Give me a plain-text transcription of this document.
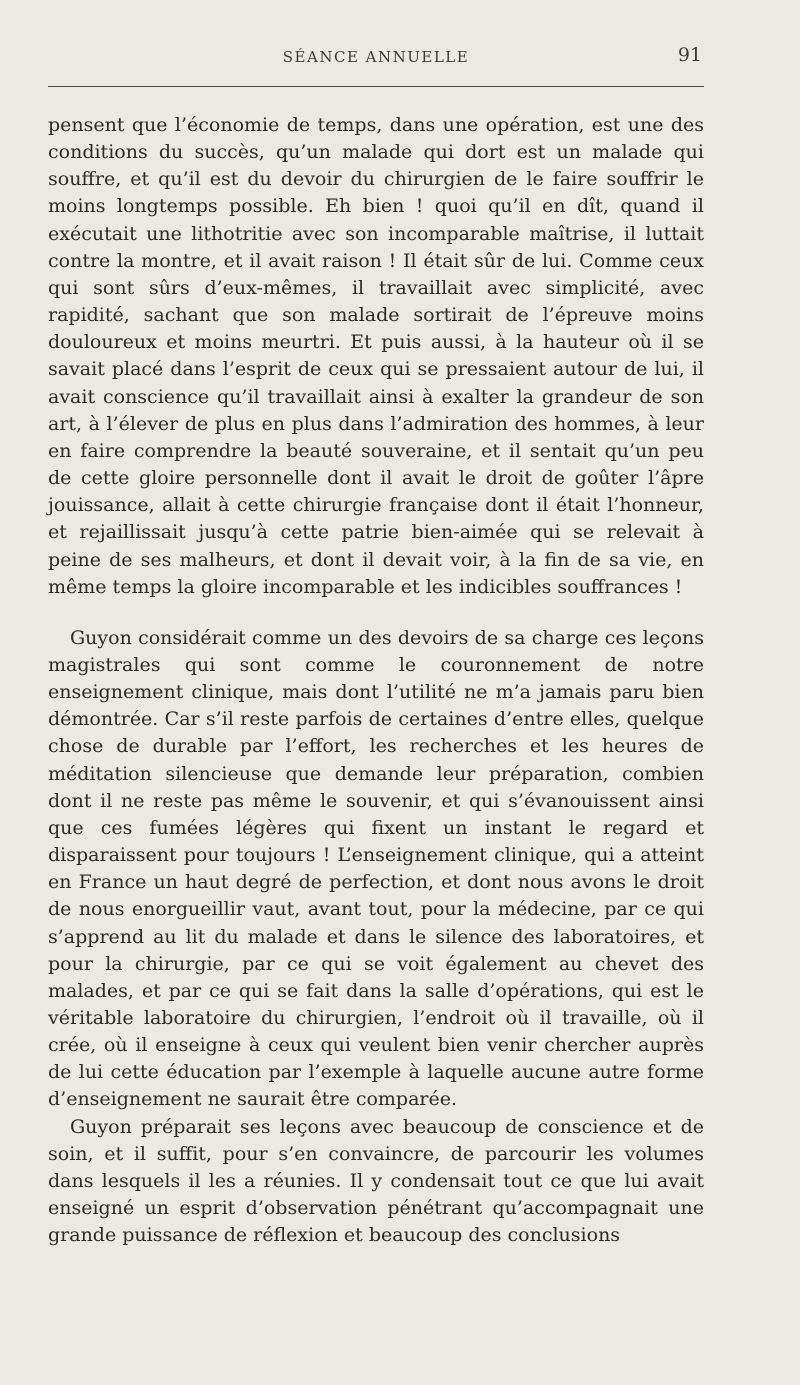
SÉANCE ANNUELLE	91

pensent que l’économie de temps, dans une opération, est une des conditions du succès, qu’un malade qui dort est un malade qui souffre, et qu’il est du devoir du chirurgien de le faire souffrir le moins longtemps possible. Eh bien ! quoi qu’il en dît, quand il exécutait une lithotritie avec son incomparable maîtrise, il luttait contre la montre, et il avait raison ! Il était sûr de lui. Comme ceux qui sont sûrs d’eux-mêmes, il travaillait avec simplicité, avec rapidité, sachant que son malade sortirait de l’épreuve moins douloureux et moins meurtri. Et puis aussi, à la hauteur où il se savait placé dans l’esprit de ceux qui se pressaient autour de lui, il avait conscience qu’il travaillait ainsi à exalter la grandeur de son art, à l’élever de plus en plus dans l’admiration des hommes, à leur en faire comprendre la beauté souveraine, et il sentait qu’un peu de cette gloire personnelle dont il avait le droit de goûter l’âpre jouissance, allait à cette chirurgie française dont il était l’honneur, et rejaillissait jusqu’à cette patrie bien-aimée qui se relevait à peine de ses malheurs, et dont il devait voir, à la fin de sa vie, en même temps la gloire incomparable et les indicibles souffrances !

Guyon considérait comme un des devoirs de sa charge ces leçons magistrales qui sont comme le couronnement de notre enseignement clinique, mais dont l’utilité ne m’a jamais paru bien démontrée. Car s’il reste parfois de certaines d’entre elles, quelque chose de durable par l’effort, les recherches et les heures de méditation silencieuse que demande leur préparation, combien dont il ne reste pas même le souvenir, et qui s’évanouissent ainsi que ces fumées légères qui fixent un instant le regard et disparaissent pour toujours ! L’enseignement clinique, qui a atteint en France un haut degré de perfection, et dont nous avons le droit de nous enorgueillir vaut, avant tout, pour la médecine, par ce qui s’apprend au lit du malade et dans le silence des laboratoires, et pour la chirurgie, par ce qui se voit également au chevet des malades, et par ce qui se fait dans la salle d’opérations, qui est le véritable laboratoire du chirurgien, l’endroit où il travaille, où il crée, où il enseigne à ceux qui veulent bien venir chercher auprès de lui cette éducation par l’exemple à laquelle aucune autre forme d’enseignement ne saurait être comparée.

Guyon préparait ses leçons avec beaucoup de conscience et de soin, et il suffit, pour s’en convaincre, de parcourir les volumes dans lesquels il les a réunies. Il y condensait tout ce que lui avait enseigné un esprit d’observation pénétrant qu’accompagnait une grande puissance de réflexion et beaucoup des conclusions
